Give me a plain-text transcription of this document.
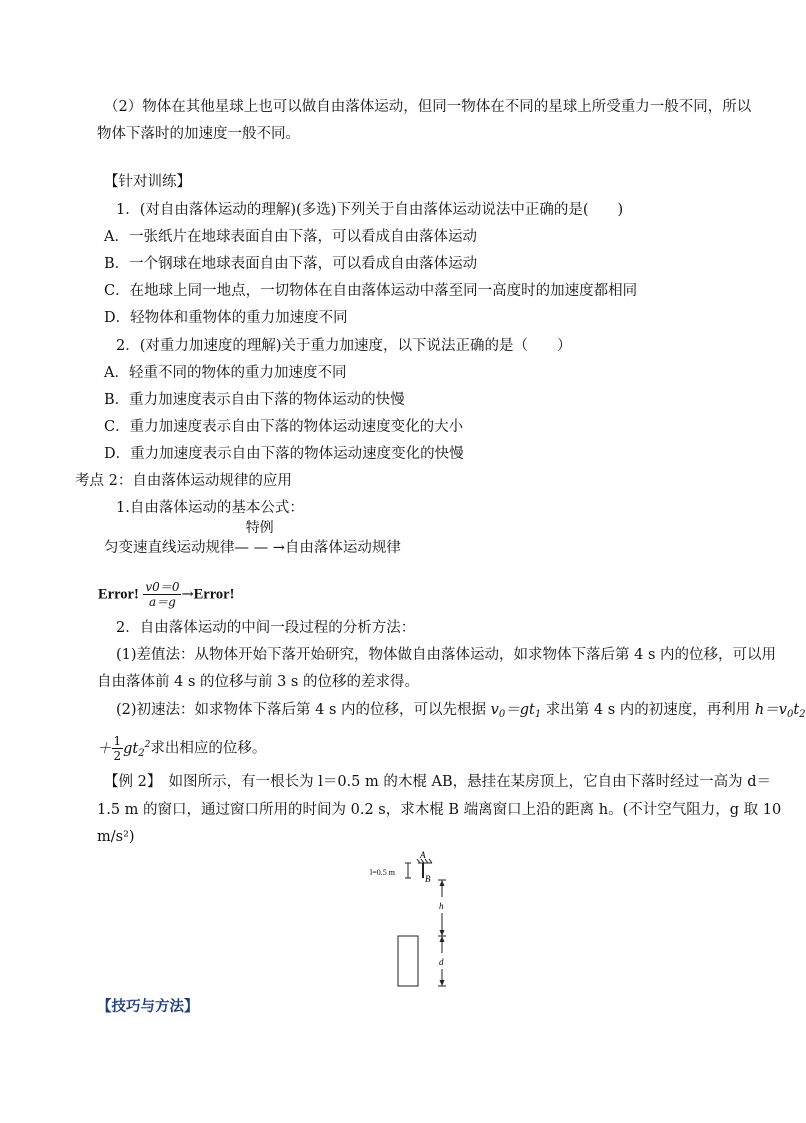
（2）物体在其他星球上也可以做自由落体运动，但同一物体在不同的星球上所受重力一般不同，所以
物体下落时的加速度一般不同。
【针对训练】
1．(对自由落体运动的理解)(多选)下列关于自由落体运动说法中正确的是(　　)
A．一张纸片在地球表面自由下落，可以看成自由落体运动
B．一个钢球在地球表面自由下落，可以看成自由落体运动
C．在地球上同一地点，一切物体在自由落体运动中落至同一高度时的加速度都相同
D．轻物体和重物体的重力加速度不同
2．(对重力加速度的理解)关于重力加速度，以下说法正确的是（　　）
A．轻重不同的物体的重力加速度不同
B．重力加速度表示自由下落的物体运动的快慢
C．重力加速度表示自由下落的物体运动速度变化的大小
D．重力加速度表示自由下落的物体运动速度变化的快慢
考点 2：自由落体运动规律的应用
1.自由落体运动的基本公式：
匀变速直线运动规律
特例
— — →自由落体运动规律
Error! $\frac{v0=0}{a=g}$ →Error!
2．自由落体运动的中间一段过程的分析方法：
(1)差值法：从物体开始下落开始研究，物体做自由落体运动，如求物体下落后第 4 s 内的位移，可以用
自由落体前 4 s 的位移与前 3 s 的位移的差求得。
(2)初速法：如求物体下落后第 4 s 内的位移，可以先根据 $v_0=gt_1$ 求出第 4 s 内的初速度，再利用 $h=v_0t_2$
＋ $\frac{1}{2} gt_2^2$求出相应的位移。
【例 2】　如图所示，有一根长为 l＝0.5 m 的木棍 AB，悬挂在某房顶上，它自由下落时经过一高为 d＝
1.5 m 的窗口，通过窗口所用的时间为 0.2 s，求木棍 B 端离窗口上沿的距离 h。(不计空气阻力，g 取 10
m/s²)
A
B
l=0.5 m
h
d
【技巧与方法】
